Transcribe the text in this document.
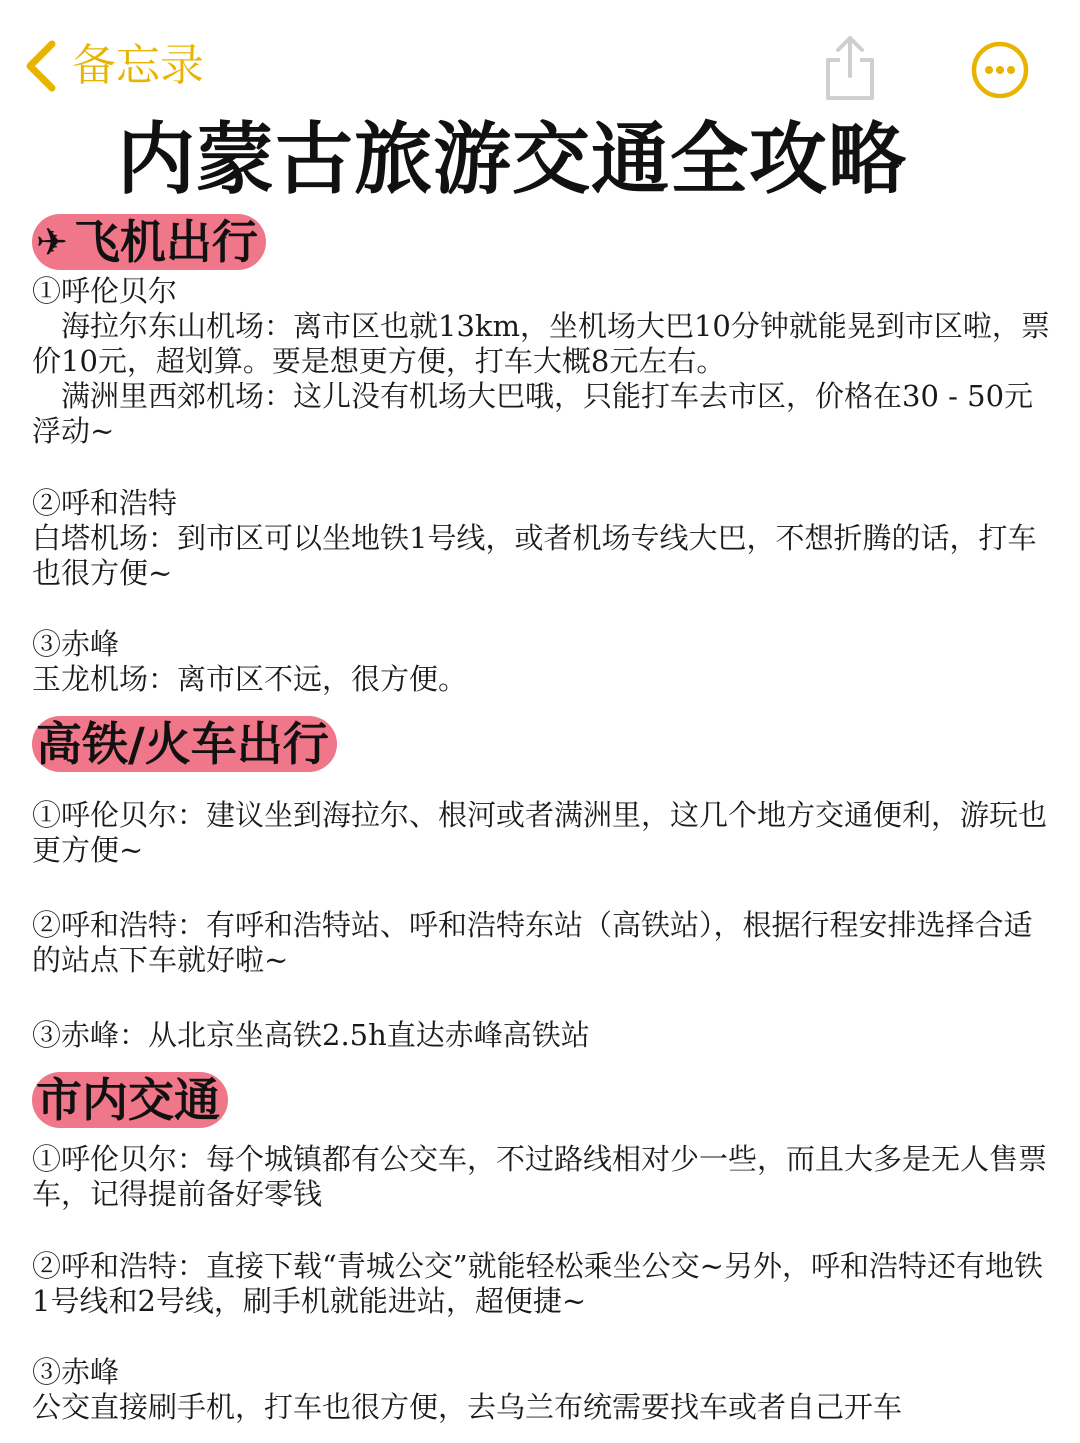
备忘录
内蒙古旅游交通全攻略
✈ 飞机出行
①呼伦贝尔
　海拉尔东山机场：离市区也就13km，坐机场大巴10分钟就能晃到市区啦，票价10元，超划算。要是想更方便，打车大概8元左右。
　满洲里西郊机场：这儿没有机场大巴哦，只能打车去市区，价格在30 - 50元浮动~
②呼和浩特
白塔机场：到市区可以坐地铁1号线，或者机场专线大巴，不想折腾的话，打车也很方便~
③赤峰
玉龙机场：离市区不远，很方便。
高铁/火车出行
①呼伦贝尔：建议坐到海拉尔、根河或者满洲里，这几个地方交通便利，游玩也更方便~
②呼和浩特：有呼和浩特站、呼和浩特东站（高铁站），根据行程安排选择合适的站点下车就好啦~
③赤峰：从北京坐高铁2.5h直达赤峰高铁站
市内交通
①呼伦贝尔：每个城镇都有公交车，不过路线相对少一些，而且大多是无人售票车，记得提前备好零钱
②呼和浩特：直接下载“青城公交”就能轻松乘坐公交~另外，呼和浩特还有地铁1号线和2号线，刷手机就能进站，超便捷~
③赤峰
公交直接刷手机，打车也很方便，去乌兰布统需要找车或者自己开车
